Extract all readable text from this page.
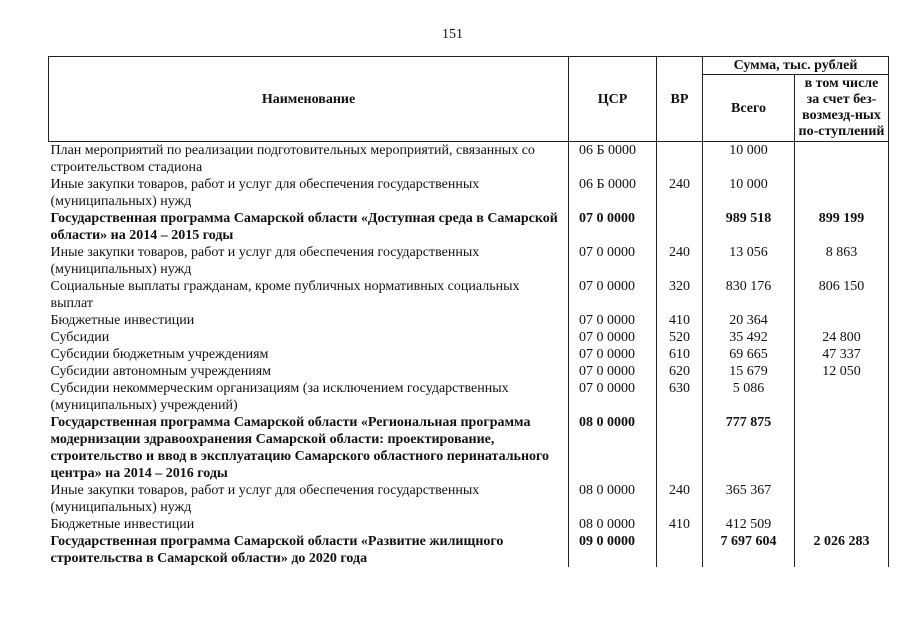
151
Наименование	ЦСР	ВР	Сумма, тыс. рублей	
			Всего	в том числе за счет без-возмезд-ных по-ступлений
План мероприятий по реализации подготовительных мероприятий, связанных со строительством стадиона	06 Б 0000		10 000	
Иные закупки товаров, работ и услуг для обеспечения государственных (муниципальных) нужд	06 Б 0000	240	10 000	
Государственная программа Самарской области «Доступная среда в Самарской области» на 2014 – 2015 годы	07 0 0000		989 518	899 199
Иные закупки товаров, работ и услуг для обеспечения государственных (муниципальных) нужд	07 0 0000	240	13 056	8 863
Социальные выплаты гражданам, кроме публичных нормативных социальных выплат	07 0 0000	320	830 176	806 150
Бюджетные инвестиции	07 0 0000	410	20 364	
Субсидии	07 0 0000	520	35 492	24 800
Субсидии бюджетным учреждениям	07 0 0000	610	69 665	47 337
Субсидии автономным учреждениям	07 0 0000	620	15 679	12 050
Субсидии некоммерческим организациям (за исключением государственных (муниципальных) учреждений)	07 0 0000	630	5 086	
Государственная программа Самарской области «Региональная программа модернизации здравоохранения Самарской области: проектирование, строительство и ввод в эксплуатацию Самарского областного перинатального центра» на 2014 – 2016 годы	08 0 0000		777 875	
Иные закупки товаров, работ и услуг для обеспечения государственных (муниципальных) нужд	08 0 0000	240	365 367	
Бюджетные инвестиции	08 0 0000	410	412 509	
Государственная программа Самарской области «Развитие жилищного строительства в Самарской области» до 2020 года	09 0 0000		7 697 604	2 026 283
